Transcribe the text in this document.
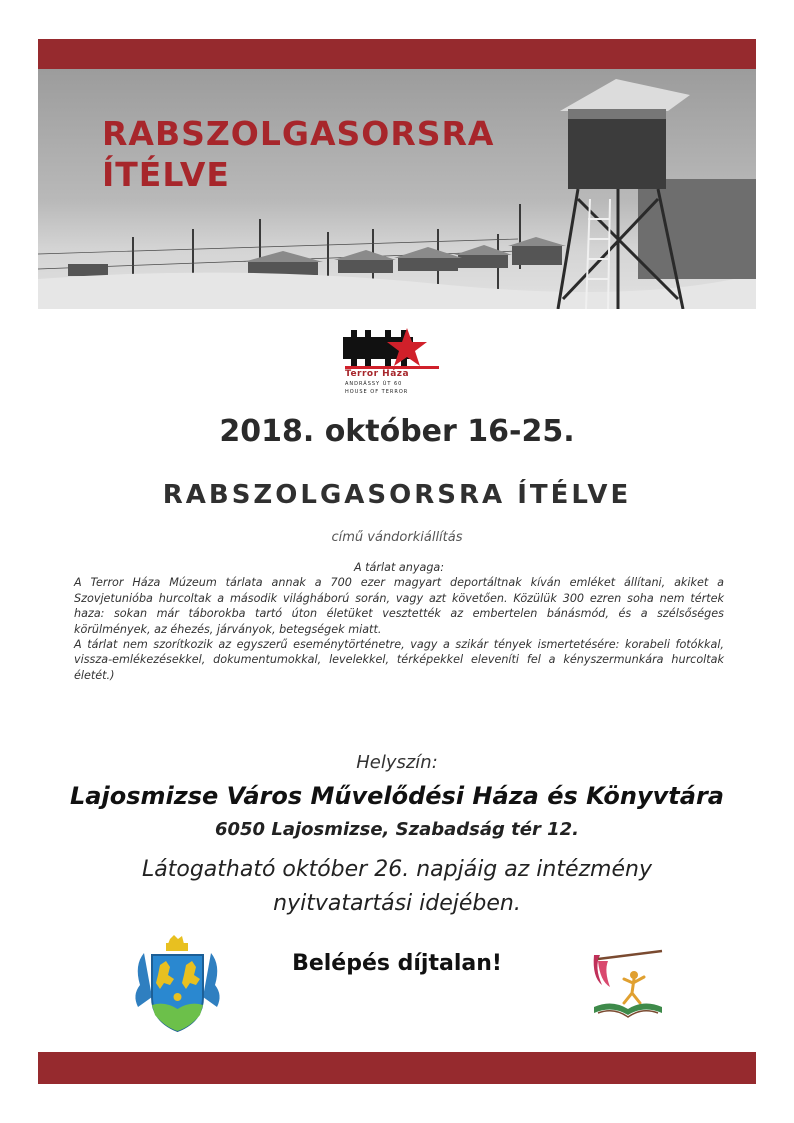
RABSZOLGASORSRA
ÍTÉLVE
Terror Háza
ANDRÁSSY ÚT 60
HOUSE OF TERROR
2018. október 16-25.
RABSZOLGASORSRA ÍTÉLVE
című vándorkiállítás

A tárlat anyaga:

A Terror Háza Múzeum tárlata annak a 700 ezer magyart deportáltnak kíván emléket állítani, akiket a Szovjetunióba hurcoltak a második világháború során, vagy azt követően. Közülük 300 ezren soha nem tértek haza: sokan már táborokba tartó úton életüket vesztették az embertelen bánásmód, és a szélsőséges körülmények, az éhezés, járványok, betegségek miatt.

A tárlat nem szorítkozik az egyszerű eseménytörténetre, vagy a szikár tények ismertetésére: korabeli fotókkal, vissza-emlékezésekkel, dokumentumokkal, levelekkel, térképekkel eleveníti fel a kényszermunkára hurcoltak életét.)

Helyszín:
Lajosmizse Város Művelődési Háza és Könyvtára
6050 Lajosmizse, Szabadság tér 12.
Látogatható október 26. napjáig az intézmény
nyitvatartási idejében.
Belépés díjtalan!
